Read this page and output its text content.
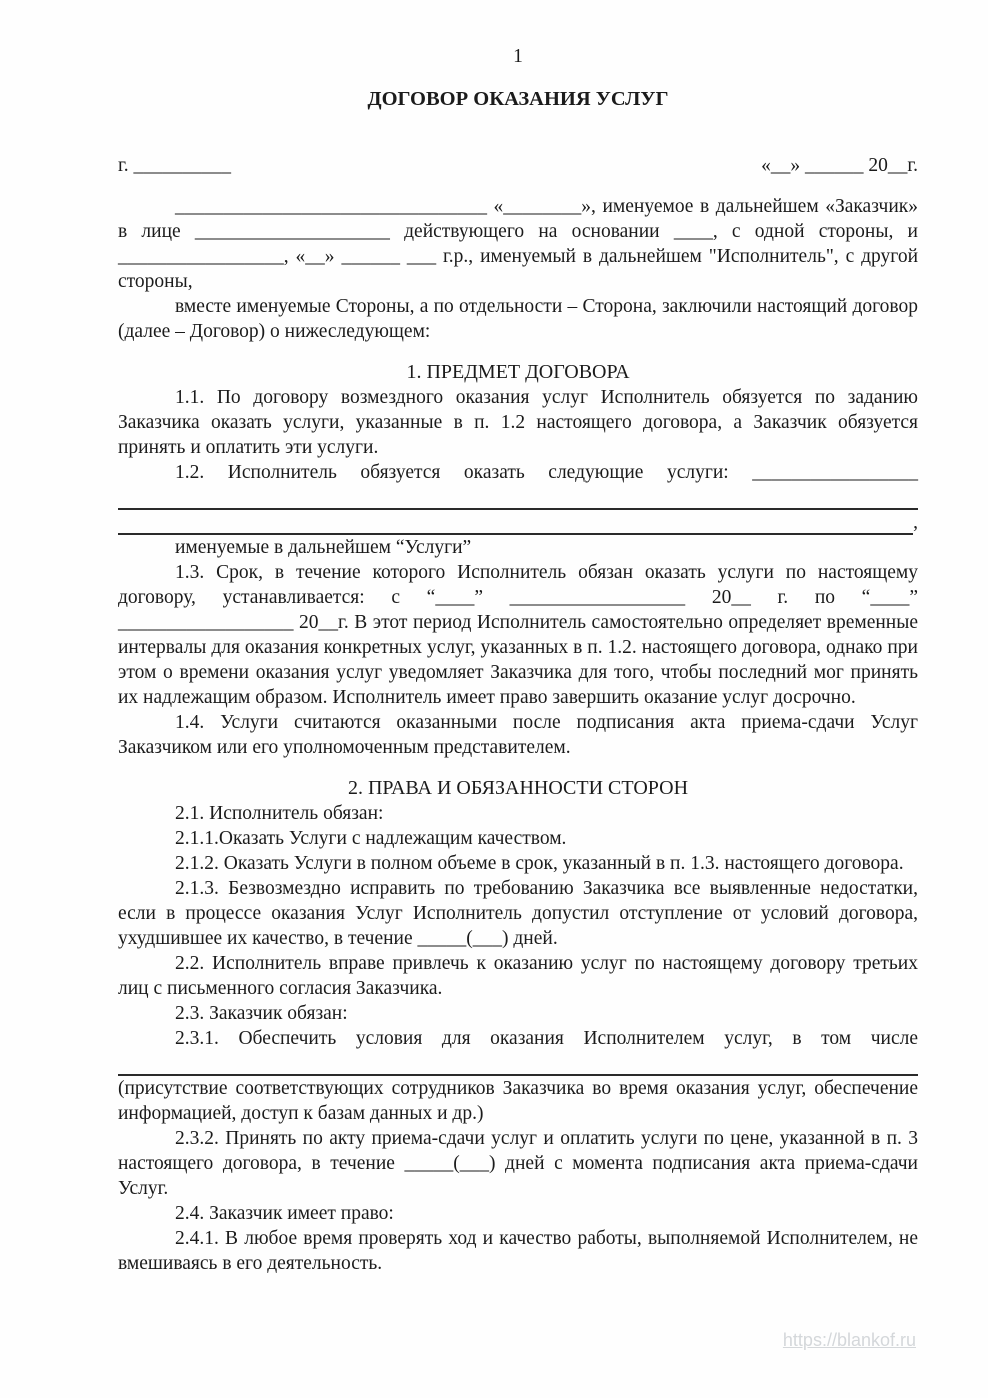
1
ДОГОВОР ОКАЗАНИЯ УСЛУГ
г. __________	«__» ______ 20__г.

________________________________ «________», именуемое в дальнейшем «Заказчик» в лице ____________________ действующего на основании ____, с одной стороны, и _________________, «__» ______ ___ г.р., именуемый в дальнейшем "Исполнитель", с другой стороны,

вместе именуемые Стороны, а по отдельности – Сторона, заключили настоящий договор (далее – Договор) о нижеследующем:

1. ПРЕДМЕТ ДОГОВОРА

1.1. По договору возмездного оказания услуг Исполнитель обязуется по заданию Заказчика оказать услуги, указанные в п. 1.2 настоящего договора, а Заказчик обязуется принять и оплатить эти услуги.

1.2. Исполнитель обязуется оказать следующие услуги: _________________

,

именуемые в дальнейшем “Услуги”

1.3. Срок, в течение которого Исполнитель обязан оказать услуги по настоящему договору, устанавливается: с “____” __________________ 20__ г. по “____” __________________ 20__г. В этот период Исполнитель самостоятельно определяет временные интервалы для оказания конкретных услуг, указанных в п. 1.2. настоящего договора, однако при этом о времени оказания услуг уведомляет Заказчика для того, чтобы последний мог принять их надлежащим образом. Исполнитель имеет право завершить оказание услуг досрочно.

1.4. Услуги считаются оказанными после подписания акта приема-сдачи Услуг Заказчиком или его уполномоченным представителем.

2. ПРАВА И ОБЯЗАННОСТИ СТОРОН

2.1. Исполнитель обязан:

2.1.1.Оказать Услуги с надлежащим качеством.

2.1.2. Оказать Услуги в полном объеме в срок, указанный в п. 1.3. настоящего договора.

2.1.3. Безвозмездно исправить по требованию Заказчика все выявленные недостатки, если в процессе оказания Услуг Исполнитель допустил отступление от условий договора, ухудшившее их качество, в течение _____(___) дней.

2.2. Исполнитель вправе привлечь к оказанию услуг по настоящему договору третьих лиц с письменного согласия Заказчика.

2.3. Заказчик обязан:

2.3.1. Обеспечить условия для оказания Исполнителем услуг, в том числе

(присутствие соответствующих сотрудников Заказчика во время оказания услуг, обеспечение информацией, доступ к базам данных и др.)

2.3.2. Принять по акту приема-сдачи услуг и оплатить услуги по цене, указанной в п. 3 настоящего договора, в течение _____(___) дней с момента подписания акта приема-сдачи Услуг.

2.4. Заказчик имеет право:

2.4.1. В любое время проверять ход и качество работы, выполняемой Исполнителем, не вмешиваясь в его деятельность.

https://blankof.ru
